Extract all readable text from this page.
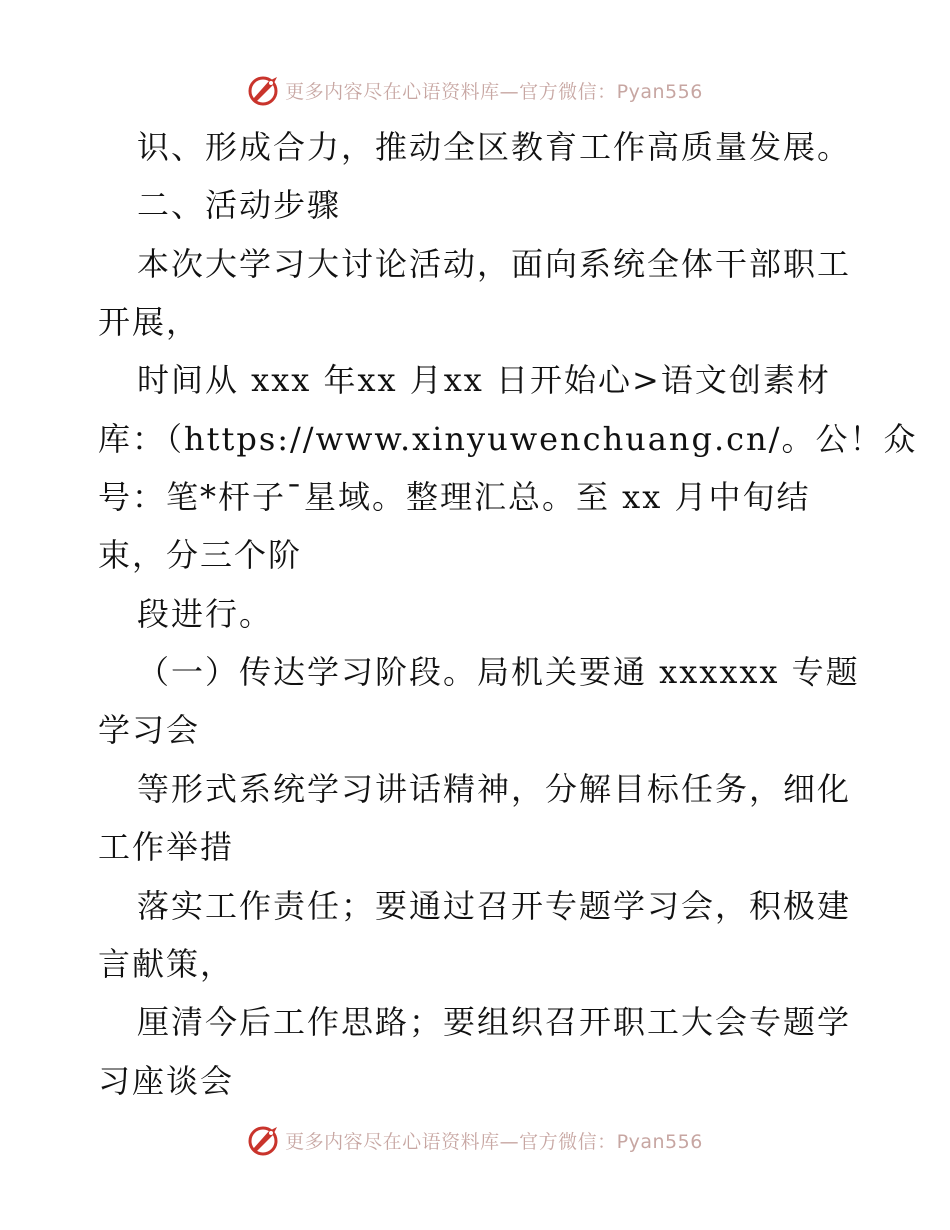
更多内容尽在心语资料库—官方微信：Pyan556
识、形成合力，推动全区教育工作高质量发展。
二、活动步骤
本次大学习大讨论活动，面向系统全体干部职工
开展，
时间从 xxx 年xx 月xx 日开始心>语文创素材
库：（https://www.xinyuwenchuang.cn/。公！众
号：笔*杆子¯星域。整理汇总。至 xx 月中旬结
束，分三个阶
段进行。
（一）传达学习阶段。局机关要通 xxxxxx 专题
学习会
等形式系统学习讲话精神，分解目标任务，细化
工作举措
落实工作责任；要通过召开专题学习会，积极建
言献策，
厘清今后工作思路；要组织召开职工大会专题学
习座谈会
更多内容尽在心语资料库—官方微信：Pyan556
